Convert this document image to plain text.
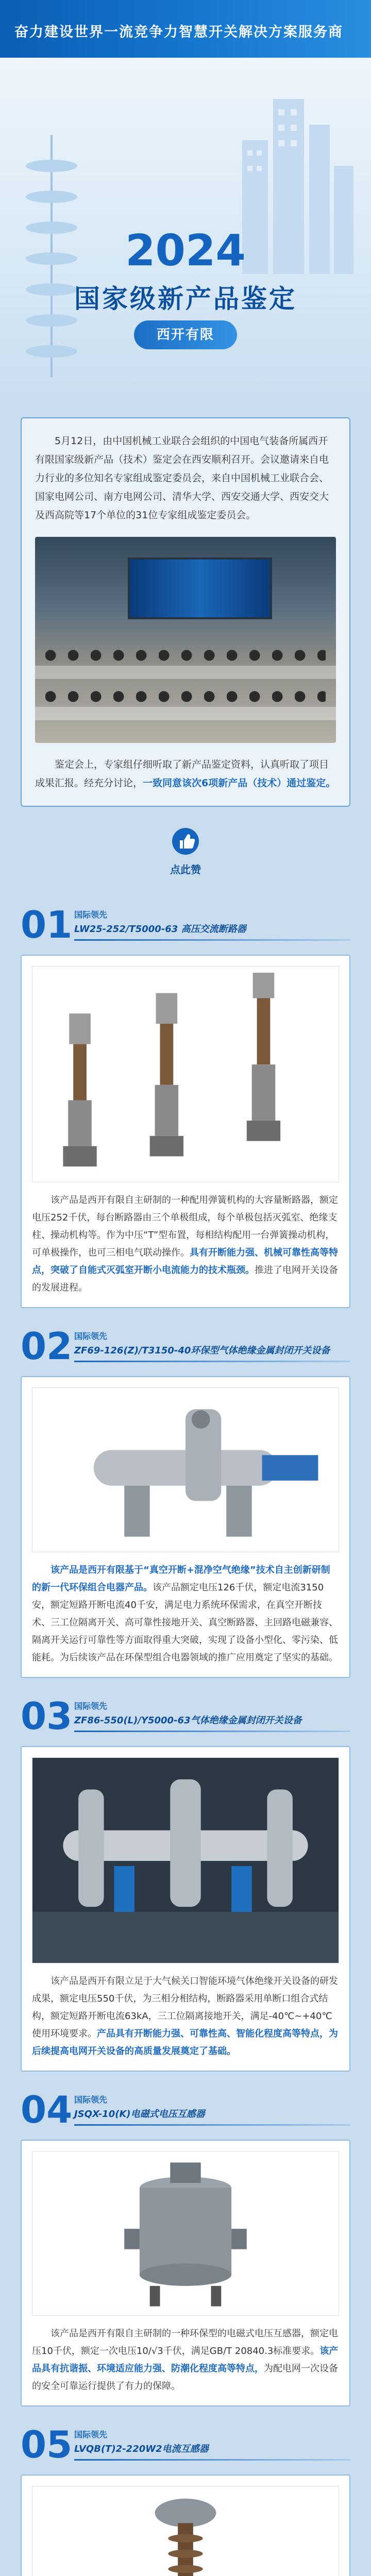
奋力建设世界一流竞争力智慧开关解决方案服务商
2024
国家级新产品鉴定
西开有限

5月12日，由中国机械工业联合会组织的中国电气装备所属西开有限国家级新产品（技术）鉴定会在西安顺利召开。会议邀请来自电力行业的多位知名专家组成鉴定委员会，来自中国机械工业联合会、国家电网公司、南方电网公司、清华大学、西安交通大学、西安交大及西高院等17个单位的31位专家组成鉴定委员会。

鉴定会上，专家组仔细听取了新产品鉴定资料，认真听取了项目成果汇报。经充分讨论，一致同意该次6项新产品（技术）通过鉴定。

点此赞
01 国际领先
LW25-252/T5000-63 高压交流断路器

该产品是西开有限自主研制的一种配用弹簧机构的大容量断路器，额定电压252千伏，每台断路器由三个单极组成，每个单极包括灭弧室、绝缘支柱、操动机构等。作为中压“T”型布置，每相结构配用一台弹簧操动机构，可单极操作，也可三相电气联动操作。具有开断能力强、机械可靠性高等特点，突破了自能式灭弧室开断小电流能力的技术瓶颈。推进了电网开关设备的发展进程。

02 国际领先
ZF69-126(Z)/T3150-40环保型气体绝缘金属封闭开关设备

该产品是西开有限基于“真空开断+混净空气绝缘”技术自主创新研制的新一代环保组合电器产品。该产品额定电压126千伏，额定电流3150安，额定短路开断电流40千安，满足电力系统环保需求，在真空开断技术、三工位隔离开关、高可靠性接地开关、真空断路器、主回路电磁兼容、隔离开关运行可靠性等方面取得重大突破，实现了设备小型化、零污染、低能耗。为后续该产品在环保型组合电器领域的推广应用奠定了坚实的基础。

03 国际领先
ZF86-550(L)/Y5000-63气体绝缘金属封闭开关设备

该产品是西开有限立足于大气候关口智能环境气体绝缘开关设备的研发成果，额定电压550千伏，为三相分相结构，断路器采用单断口组合式结构，额定短路开断电流63kA，三工位隔离接地开关，满足-40℃~+40℃使用环境要求。产品具有开断能力强、可靠性高、智能化程度高等特点，为后续提高电网开关设备的高质量发展奠定了基础。

04 国际领先
JSQX-10(K)电磁式电压互感器

该产品是西开有限自主研制的一种环保型的电磁式电压互感器，额定电压10千伏，额定一次电压10/√3千伏，满足GB/T 20840.3标准要求。该产品具有抗谐振、环境适应能力强、防潮化程度高等特点，为配电网一次设备的安全可靠运行提供了有力的保障。

05 国际领先
LVQB(T)2-220W2电流互感器
